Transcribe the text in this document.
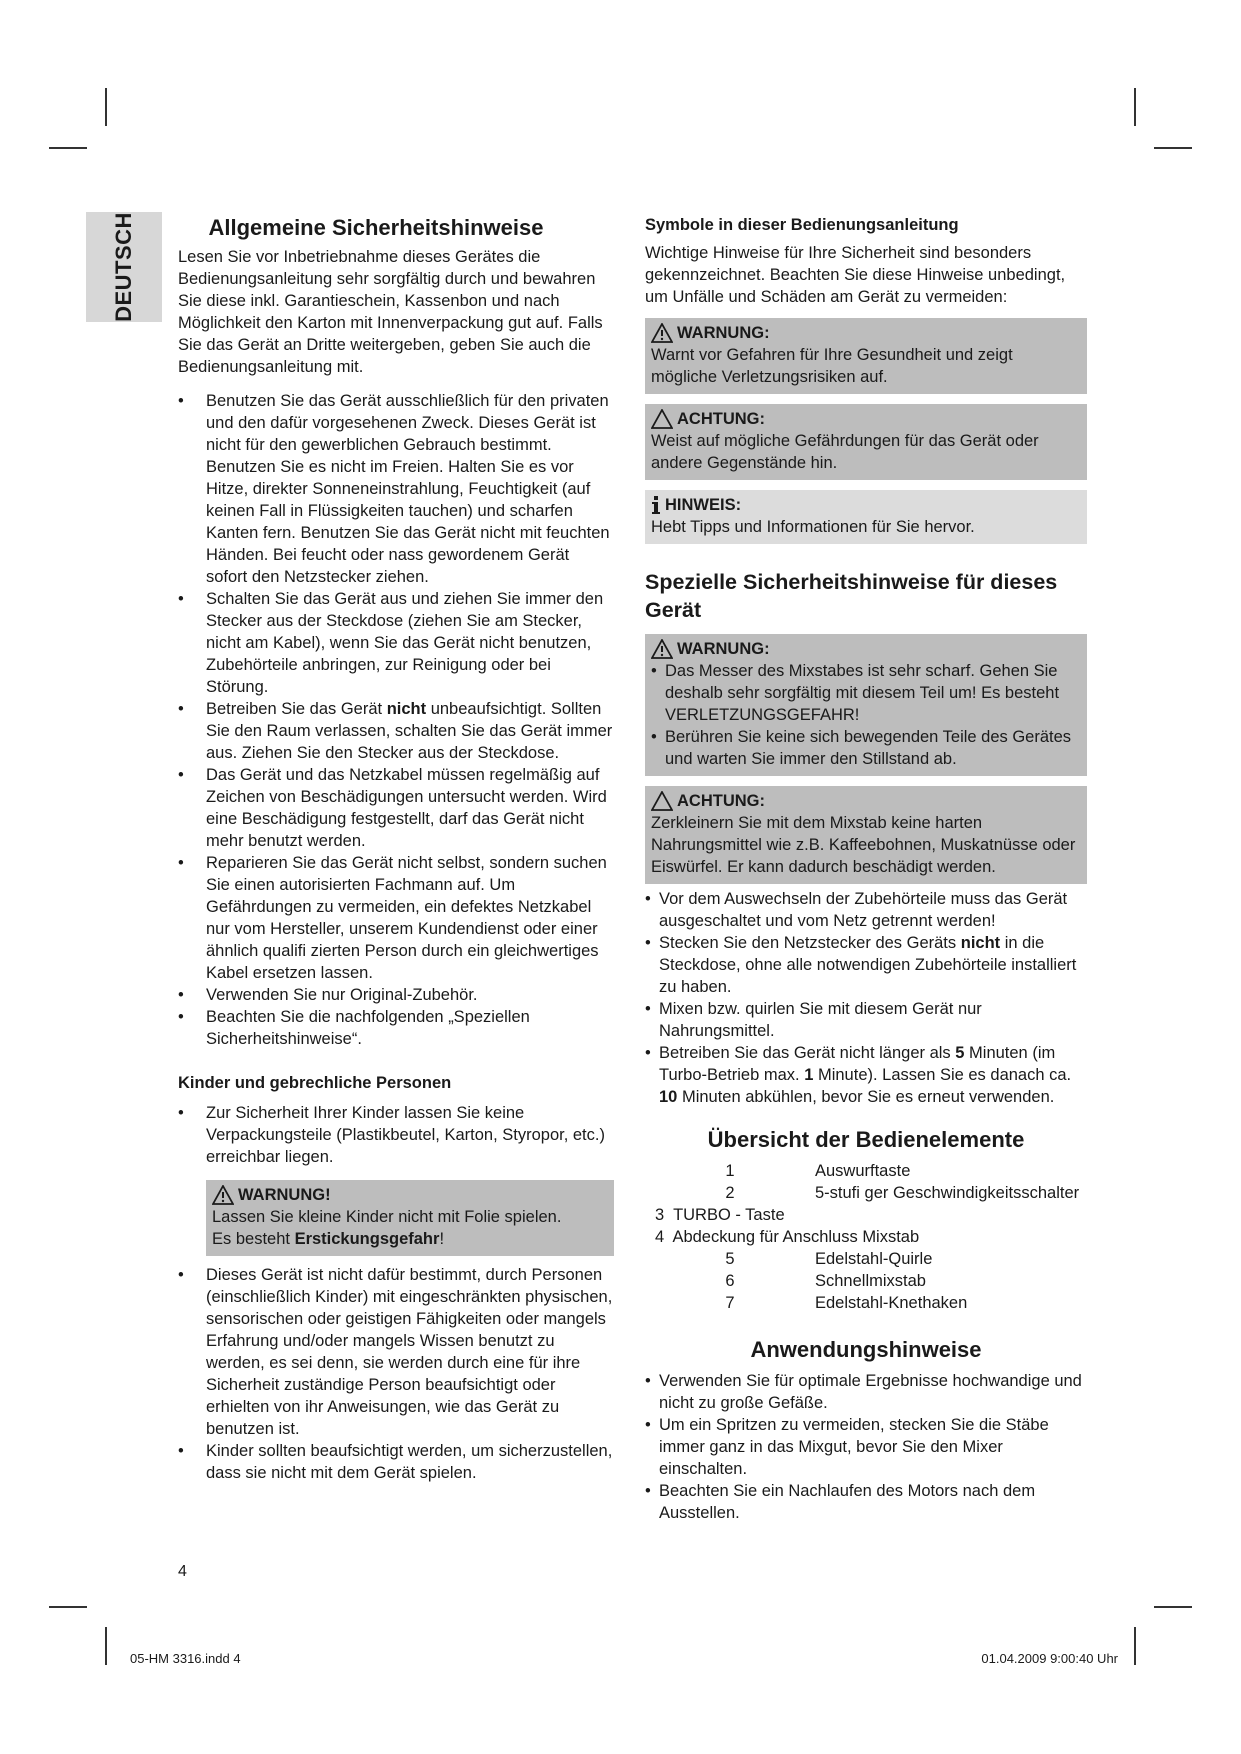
DEUTSCH	Allgemeine Sicherheitshinweise

Lesen Sie vor Inbetriebnahme dieses Gerätes die Bedienungsanleitung sehr sorgfältig durch und bewahren Sie diese inkl. Garantieschein, Kassenbon und nach Möglichkeit den Karton mit Innenverpackung gut auf. Falls Sie das Gerät an Dritte weitergeben, geben Sie auch die Bedienungsanleitung mit.

• Benutzen Sie das Gerät ausschließlich für den privaten und den dafür vorgesehenen Zweck. Dieses Gerät ist nicht für den gewerblichen Gebrauch bestimmt. Benutzen Sie es nicht im Freien. Halten Sie es vor Hitze, direkter Sonneneinstrahlung, Feuchtigkeit (auf keinen Fall in Flüssigkeiten tauchen) und scharfen Kanten fern. Benutzen Sie das Gerät nicht mit feuchten Händen. Bei feucht oder nass gewordenem Gerät sofort den Netzstecker ziehen.
• Schalten Sie das Gerät aus und ziehen Sie immer den Stecker aus der Steckdose (ziehen Sie am Stecker, nicht am Kabel), wenn Sie das Gerät nicht benutzen, Zubehörteile anbringen, zur Reinigung oder bei Störung.
• Betreiben Sie das Gerät nicht unbeaufsichtigt. Sollten Sie den Raum verlassen, schalten Sie das Gerät immer aus. Ziehen Sie den Stecker aus der Steckdose.
• Das Gerät und das Netzkabel müssen regelmäßig auf Zeichen von Beschädigungen untersucht werden. Wird eine Beschädigung festgestellt, darf das Gerät nicht mehr benutzt werden.
• Reparieren Sie das Gerät nicht selbst, sondern suchen Sie einen autorisierten Fachmann auf. Um Gefährdungen zu vermeiden, ein defektes Netzkabel nur vom Hersteller, unserem Kundendienst oder einer ähnlich qualifi zierten Person durch ein gleichwertiges Kabel ersetzen lassen.
• Verwenden Sie nur Original-Zubehör.
• Beachten Sie die nachfolgenden „Speziellen Sicherheitshinweise“.
Kinder und gebrechliche Personen
• Zur Sicherheit Ihrer Kinder lassen Sie keine Verpackungsteile (Plastikbeutel, Karton, Styropor, etc.) erreichbar liegen.
WARNUNG!

Lassen Sie kleine Kinder nicht mit Folie spielen.

Es besteht Erstickungsgefahr!

• Dieses Gerät ist nicht dafür bestimmt, durch Personen (einschließlich Kinder) mit eingeschränkten physischen, sensorischen oder geistigen Fähigkeiten oder mangels Erfahrung und/oder mangels Wissen benutzt zu werden, es sei denn, sie werden durch eine für ihre Sicherheit zuständige Person beaufsichtigt oder erhielten von ihr Anweisungen, wie das Gerät zu benutzen ist.
• Kinder sollten beaufsichtigt werden, um sicherzustellen, dass sie nicht mit dem Gerät spielen.
Symbole in dieser Bedienungsanleitung

Wichtige Hinweise für Ihre Sicherheit sind besonders gekennzeichnet. Beachten Sie diese Hinweise unbedingt, um Unfälle und Schäden am Gerät zu vermeiden:

WARNUNG:

Warnt vor Gefahren für Ihre Gesundheit und zeigt mögliche Verletzungsrisiken auf.

ACHTUNG:

Weist auf mögliche Gefährdungen für das Gerät oder andere Gegenstände hin.

HINWEIS:

Hebt Tipps und Informationen für Sie hervor.

Spezielle Sicherheitshinweise für dieses Gerät
WARNUNG:
• Das Messer des Mixstabes ist sehr scharf. Gehen Sie deshalb sehr sorgfältig mit diesem Teil um! Es besteht VERLETZUNGSGEFAHR!
• Berühren Sie keine sich bewegenden Teile des Gerätes und warten Sie immer den Stillstand ab.
ACHTUNG:

Zerkleinern Sie mit dem Mixstab keine harten Nahrungsmittel wie z.B. Kaffeebohnen, Muskatnüsse oder Eiswürfel. Er kann dadurch beschädigt werden.

• Vor dem Auswechseln der Zubehörteile muss das Gerät ausgeschaltet und vom Netz getrennt werden!
• Stecken Sie den Netzstecker des Geräts nicht in die Steckdose, ohne alle notwendigen Zubehörteile installiert zu haben.
• Mixen bzw. quirlen Sie mit diesem Gerät nur Nahrungsmittel.
• Betreiben Sie das Gerät nicht länger als 5 Minuten (im Turbo-Betrieb max. 1 Minute). Lassen Sie es danach ca. 10 Minuten abkühlen, bevor Sie es erneut verwenden.
Übersicht der Bedienelemente
1	Auswurftaste
2	5-stufi ger Geschwindigkeitsschalter
3 TURBO - Taste
4 Abdeckung für Anschluss Mixstab
5	Edelstahl-Quirle
6	Schnellmixstab
7	Edelstahl-Knethaken
Anwendungshinweise
• Verwenden Sie für optimale Ergebnisse hochwandige und nicht zu große Gefäße.
• Um ein Spritzen zu vermeiden, stecken Sie die Stäbe immer ganz in das Mixgut, bevor Sie den Mixer einschalten.
• Beachten Sie ein Nachlaufen des Motors nach dem Ausstellen.
4
05-HM 3316.indd 4	01.04.2009 9:00:40 Uhr
